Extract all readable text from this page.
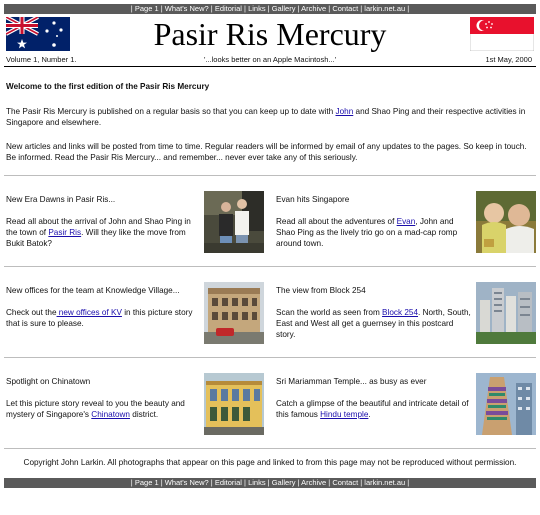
| Page 1 | What's New? | Editorial | Links | Gallery | Archive | Contact | larkin.net.au |
Pasir Ris Mercury
Volume 1, Number 1.	'...looks better on an Apple Macintosh...'	1st May, 2000
Welcome to the first edition of the Pasir Ris Mercury
The Pasir Ris Mercury is published on a regular basis so that you can keep up to date with John and Shao Ping and their respective activities in Singapore and elsewhere.
New articles and links will be posted from time to time. Regular readers will be informed by email of any updates to the pages. So keep in touch. Be informed. Read the Pasir Ris Mercury... and remember... never ever take any of this seriously.
New Era Dawns in Pasir Ris...
Read all about the arrival of John and Shao Ping in the town of Pasir Ris. Will they like the move from Bukit Batok?
Evan hits Singapore
Read all about the adventures of Evan, John and Shao Ping as the lively trio go on a mad-cap romp around town.
New offices for the team at Knowledge Village...
Check out the new offices of KV in this picture story that is sure to please.
The view from Block 254
Scan the world as seen from Block 254. North, South, East and West all get a guernsey in this postcard story.
Spotlight on Chinatown
Let this picture story reveal to you the beauty and mystery of Singapore's Chinatown district.
Sri Mariamman Temple... as busy as ever
Catch a glimpse of the beautiful and intricate detail of this famous Hindu temple.
Copyright John Larkin. All photographs that appear on this page and linked to from this page may not be reproduced without permission.
| Page 1 | What's New? | Editorial | Links | Gallery | Archive | Contact | larkin.net.au |
